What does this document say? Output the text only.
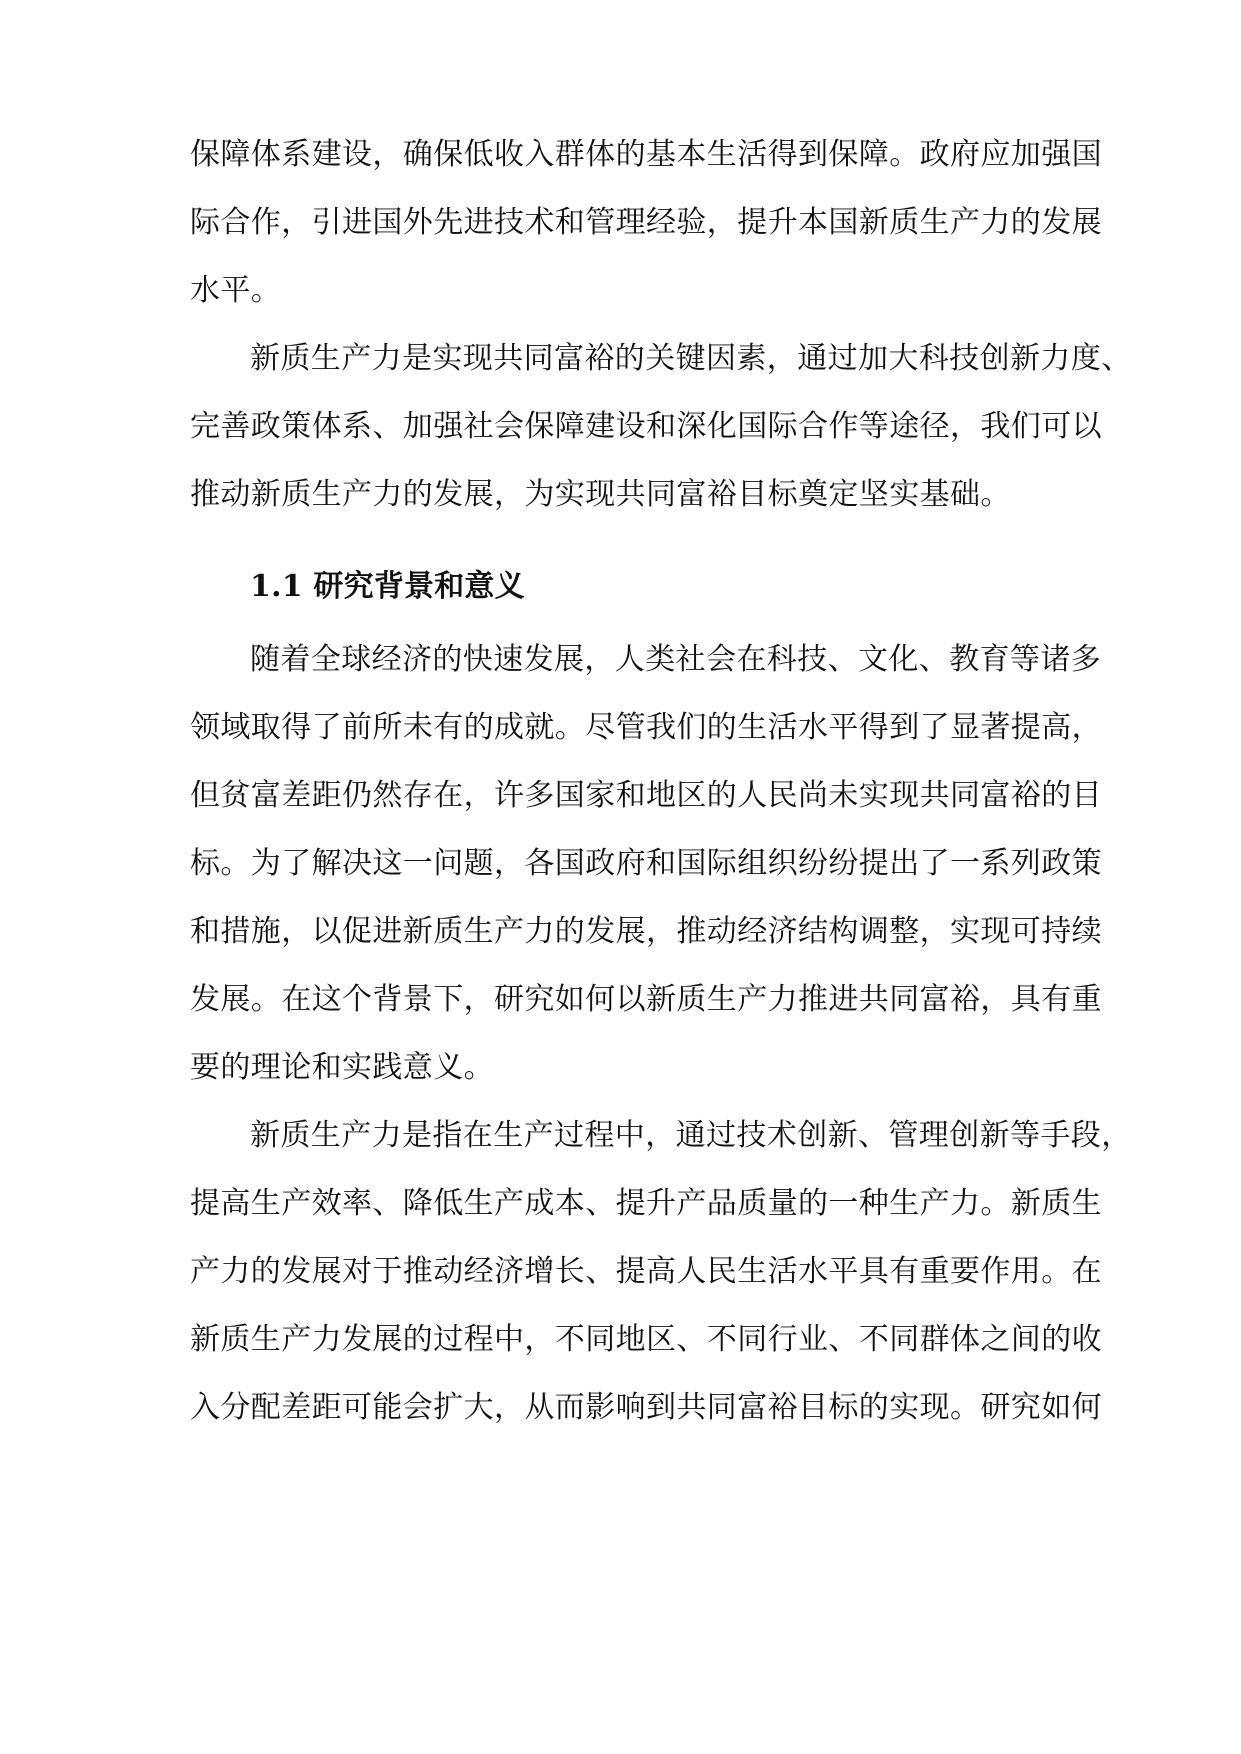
保障体系建设，确保低收入群体的基本生活得到保障。政府应加强国
际合作，引进国外先进技术和管理经验，提升本国新质生产力的发展
水平。
新质生产力是实现共同富裕的关键因素，通过加大科技创新力度、
完善政策体系、加强社会保障建设和深化国际合作等途径，我们可以
推动新质生产力的发展，为实现共同富裕目标奠定坚实基础。
1.1 研究背景和意义
随着全球经济的快速发展，人类社会在科技、文化、教育等诸多
领域取得了前所未有的成就。尽管我们的生活水平得到了显著提高，
但贫富差距仍然存在，许多国家和地区的人民尚未实现共同富裕的目
标。为了解决这一问题，各国政府和国际组织纷纷提出了一系列政策
和措施，以促进新质生产力的发展，推动经济结构调整，实现可持续
发展。在这个背景下，研究如何以新质生产力推进共同富裕，具有重
要的理论和实践意义。
新质生产力是指在生产过程中，通过技术创新、管理创新等手段，
提高生产效率、降低生产成本、提升产品质量的一种生产力。新质生
产力的发展对于推动经济增长、提高人民生活水平具有重要作用。在
新质生产力发展的过程中，不同地区、不同行业、不同群体之间的收
入分配差距可能会扩大，从而影响到共同富裕目标的实现。研究如何
